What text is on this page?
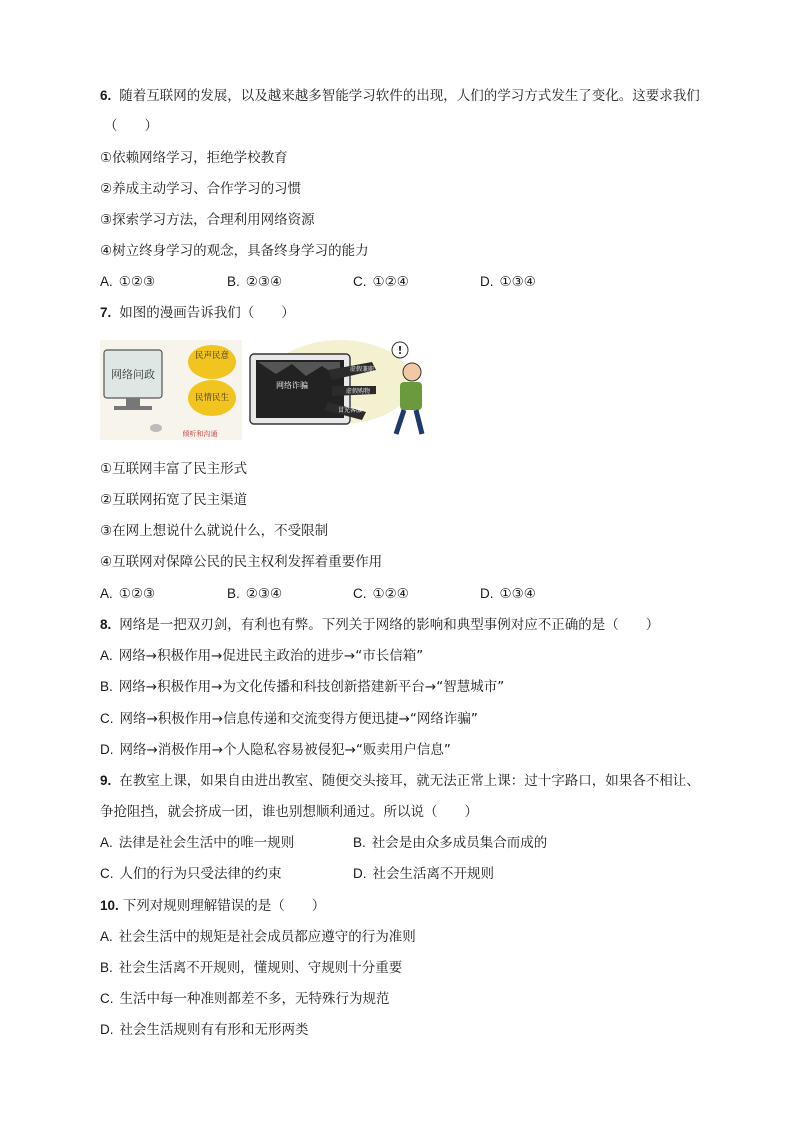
6. 随着互联网的发展，以及越来越多智能学习软件的出现，人们的学习方式发生了变化。这要求我们
（　　）
①依赖网络学习，拒绝学校教育
②养成主动学习、合作学习的习惯
③探索学习方法，合理利用网络资源
④树立终身学习的观念，具备终身学习的能力
A. ①②③	B. ②③④	C. ①②④	D. ①③④
7. 如图的漫画告诉我们（　　）
网络问政
民声民意
民情民生
倾听和沟通
网络诈骗
虚假兼职
虚假购物
冒充客服
!
①互联网丰富了民主形式
②互联网拓宽了民主渠道
③在网上想说什么就说什么，不受限制
④互联网对保障公民的民主权利发挥着重要作用
A. ①②③	B. ②③④	C. ①②④	D. ①③④
8. 网络是一把双刃剑，有利也有弊。下列关于网络的影响和典型事例对应不正确的是（　　）
A. 网络→积极作用→促进民主政治的进步→“市长信箱”
B. 网络→积极作用→为文化传播和科技创新搭建新平台→“智慧城市”
C. 网络→积极作用→信息传递和交流变得方便迅捷→“网络诈骗”
D. 网络→消极作用→个人隐私容易被侵犯→“贩卖用户信息”
9. 在教室上课，如果自由进出教室、随便交头接耳，就无法正常上课：过十字路口，如果各不相让、
争抢阻挡，就会挤成一团，谁也别想顺利通过。所以说（　　）
A. 法律是社会生活中的唯一规则	B. 社会是由众多成员集合而成的
C. 人们的行为只受法律的约束	D. 社会生活离不开规则
10. 下列对规则理解错误的是（　　）
A. 社会生活中的规矩是社会成员都应遵守的行为准则
B. 社会生活离不开规则，懂规则、守规则十分重要
C. 生活中每一种准则都差不多，无特殊行为规范
D. 社会生活规则有有形和无形两类
